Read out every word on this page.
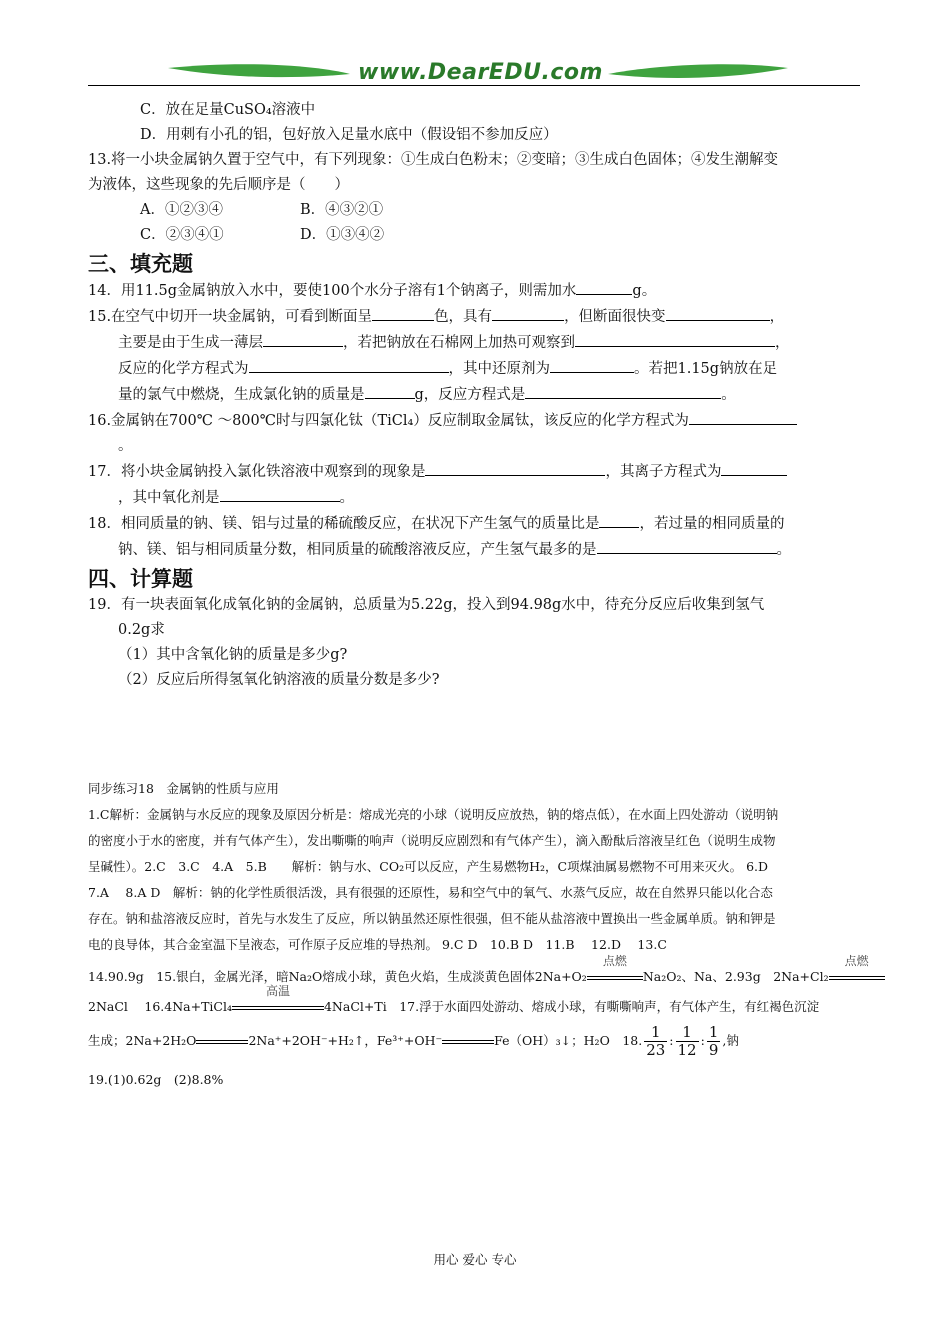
www.DearEDU.com
C．放在足量CuSO₄溶液中
D．用刺有小孔的铝，包好放入足量水底中（假设铝不参加反应）
13.将一小块金属钠久置于空气中，有下列现象：①生成白色粉末；②变暗；③生成白色固体；④发生潮解变
为液体，这些现象的先后顺序是（　　）
A．①②③④	B．④③②①
C．②③④①	D．①③④②
三、填充题
14．用11.5g金属钠放入水中，要使100个水分子溶有1个钠离子，则需加水	g。
15.在空气中切开一块金属钠，可看到断面呈	色，具有	，但断面很快变	，
主要是由于生成一薄层	，若把钠放在石棉网上加热可观察到	，
反应的化学方程式为	，其中还原剂为	。若把1.15g钠放在足
量的氯气中燃烧，生成氯化钠的质量是	g，反应方程式是	。
16.金属钠在700℃ ～800℃时与四氯化钛（TiCl₄）反应制取金属钛，该反应的化学方程式为
。
17．将小块金属钠投入氯化铁溶液中观察到的现象是	，其离子方程式为
，其中氧化剂是	。
18．相同质量的钠、镁、铝与过量的稀硫酸反应，在状况下产生氢气的质量比是	，若过量的相同质量的
钠、镁、铝与相同质量分数，相同质量的硫酸溶液反应，产生氢气最多的是	。
四、计算题
19．有一块表面氧化成氧化钠的金属钠，总质量为5.22g，投入到94.98g水中，待充分反应后收集到氢气
0.2g求
（1）其中含氧化钠的质量是多少g?
（2）反应后所得氢氧化钠溶液的质量分数是多少?
同步练习18　金属钠的性质与应用
1.C解析：金属钠与水反应的现象及原因分析是：熔成光亮的小球（说明反应放热，钠的熔点低），在水面上四处游动（说明钠
的密度小于水的密度，并有气体产生），发出嘶嘶的响声（说明反应剧烈和有气体产生），滴入酚酞后溶液呈红色（说明生成物
呈碱性）。2.C　3.C　4.A　5.B　　解析：钠与水、CO₂可以反应，产生易燃物H₂，C项煤油属易燃物不可用来灭火。 6.D
7.A　 8.A D　解析：钠的化学性质很活泼，具有很强的还原性，易和空气中的氧气、水蒸气反应，故在自然界只能以化合态
存在。钠和盐溶液反应时，首先与水发生了反应，所以钠虽然还原性很强，但不能从盐溶液中置换出一些金属单质。钠和钾是
电的良导体，其合金室温下呈液态，可作原子反应堆的导热剂。 9.C D　10.B D　11.B　 12.D　 13.C
14.90.9g　15.银白，金属光泽，暗Na₂O熔成小球，黄色火焰，生成淡黄色固体2Na+O₂
点燃
Na₂O₂、Na、2.93g　2Na+Cl₂
点燃
2NaCl　 16.4Na+TiCl₄
高温
4NaCl+Ti　17.浮于水面四处游动、熔成小球，有嘶嘶响声，有气体产生，有红褐色沉淀
生成；2Na+2H₂O	2Na⁺+2OH⁻+H₂↑，Fe³⁺+OH⁻	Fe（OH）₃↓；H₂O　18. $\frac{1}{23}$ : $\frac{1}{12}$ : $\frac{1}{9}$ ,钠
19.(1)0.62g　(2)8.8%
用心 爱心 专心
